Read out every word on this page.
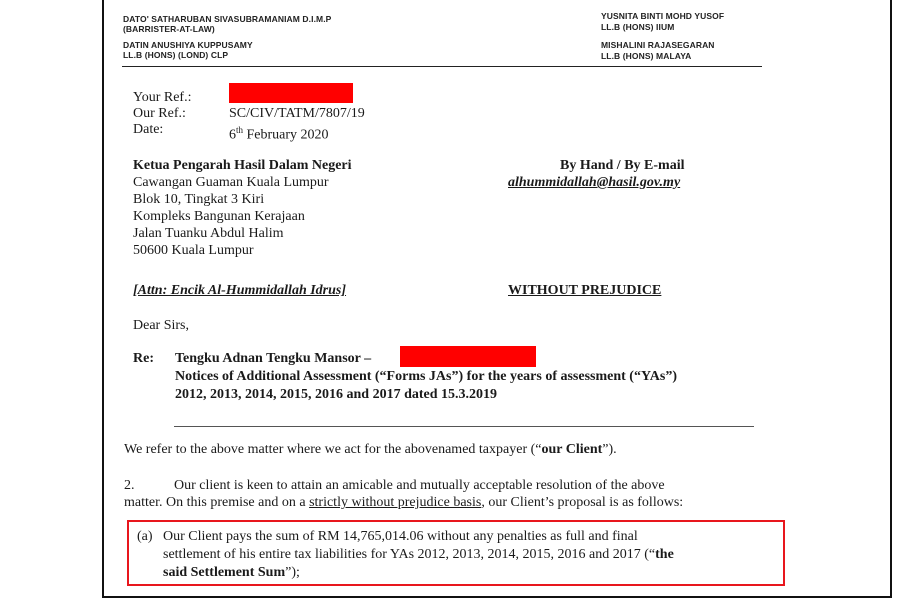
DATO' SATHARUBAN SIVASUBRAMANIAM D.I.M.P
(BARRISTER-AT-LAW)
DATIN ANUSHIYA KUPPUSAMY
LL.B (HONS) (LOND) CLP
YUSNITA BINTI MOHD YUSOF
LL.B (HONS) IIUM
MISHALINI RAJASEGARAN
LL.B (HONS) MALAYA
Your Ref.:
Our Ref.:	SC/CIV/TATM/7807/19
Date:	6th February 2020
Ketua Pengarah Hasil Dalam Negeri
Cawangan Guaman Kuala Lumpur
Blok 10, Tingkat 3 Kiri
Kompleks Bangunan Kerajaan
Jalan Tuanku Abdul Halim
50600 Kuala Lumpur
By Hand / By E-mail
alhummidallah@hasil.gov.my
[Attn: Encik Al-Hummidallah Idrus]	WITHOUT PREJUDICE
Dear Sirs,
Re: Tengku Adnan Tengku Mansor –
Notices of Additional Assessment (“Forms JAs”) for the years of assessment (“YAs”)
2012, 2013, 2014, 2015, 2016 and 2017 dated 15.3.2019
We refer to the above matter where we act for the abovenamed taxpayer (“our Client”).
2.	Our client is keen to attain an amicable and mutually acceptable resolution of the above
matter. On this premise and on a strictly without prejudice basis, our Client’s proposal is as follows:
(a) Our Client pays the sum of RM 14,765,014.06 without any penalties as full and final
settlement of his entire tax liabilities for YAs 2012, 2013, 2014, 2015, 2016 and 2017 (“the
said Settlement Sum”);
